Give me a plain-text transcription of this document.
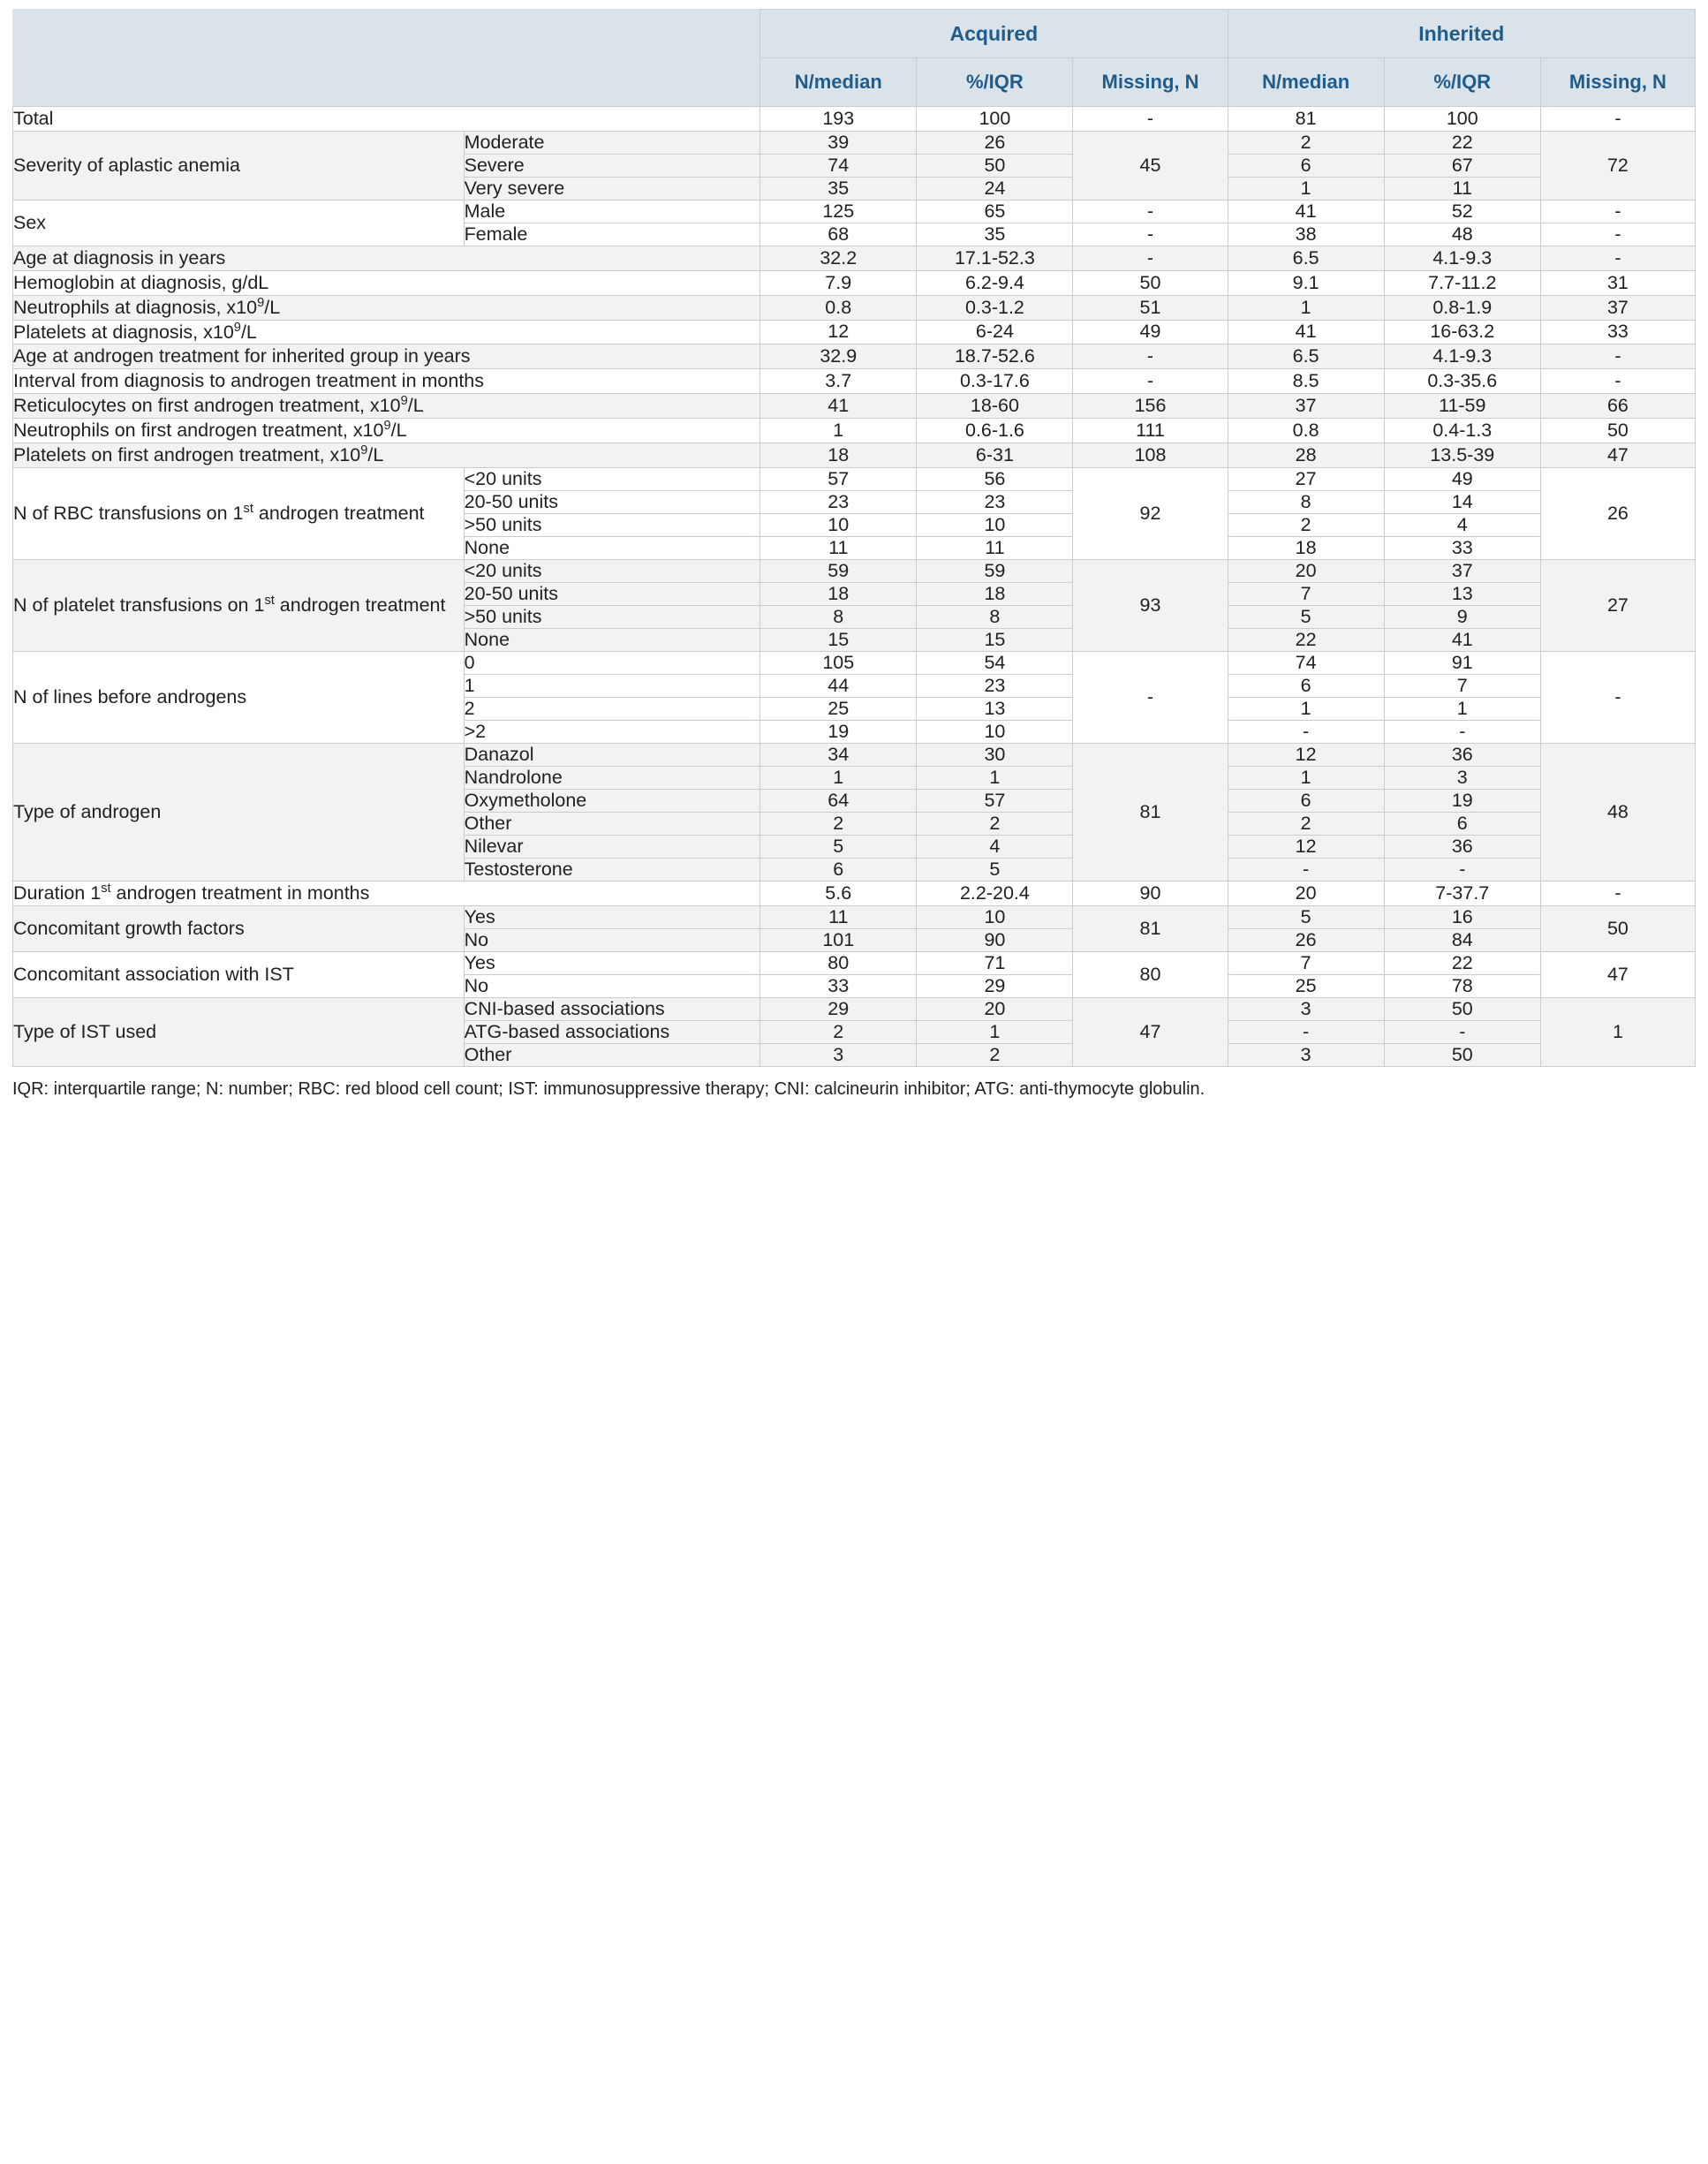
		Acquired			Inherited		
		N/median	%/IQR	Missing, N	N/median	%/IQR	Missing, N
Total		193	100	-	81	100	-
Severity of aplastic anemia	Moderate	39	26	45	2	22	72
	Severe	74	50		6	67	
	Very severe	35	24		1	11	
Sex	Male	125	65	-	41	52	-
	Female	68	35	-	38	48	-
Age at diagnosis in years		32.2	17.1-52.3	-	6.5	4.1-9.3	-
Hemoglobin at diagnosis, g/dL		7.9	6.2-9.4	50	9.1	7.7-11.2	31
Neutrophils at diagnosis, $x10^9/L$		0.8	0.3-1.2	51	1	0.8-1.9	37
Platelets at diagnosis, $x10^9/L$		12	6-24	49	41	16-63.2	33
Age at androgen treatment for inherited group in years		32.9	18.7-52.6	-	6.5	4.1-9.3	-
Interval from diagnosis to androgen treatment in months		3.7	0.3-17.6	-	8.5	0.3-35.6	-
Reticulocytes on first androgen treatment, $x10^9/L$		41	18-60	156	37	11-59	66
Neutrophils on first androgen treatment, $x10^9/L$		1	0.6-1.6	111	0.8	0.4-1.3	50
Platelets on first androgen treatment, $x10^9/L$		18	6-31	108	28	13.5-39	47
N of RBC transfusions on 1st androgen treatment	<20 units	57	56	92	27	49	26
	20-50 units	23	23		8	14	
	>50 units	10	10		2	4	
	None	11	11		18	33	
N of platelet transfusions on 1st androgen treatment	<20 units	59	59	93	20	37	27
	20-50 units	18	18		7	13	
	>50 units	8	8		5	9	
	None	15	15		22	41	
N of lines before androgens	0	105	54	-	74	91	-
	1	44	23		6	7	
	2	25	13		1	1	
	>2	19	10		-	-	
Type of androgen	Danazol	34	30	81	12	36	48
	Nandrolone	1	1		1	3	
	Oxymetholone	64	57		6	19	
	Other	2	2		2	6	
	Nilevar	5	4		12	36	
	Testosterone	6	5		-	-	
Duration 1st androgen treatment in months		5.6	2.2-20.4	90	20	7-37.7	-
Concomitant growth factors	Yes	11	10	81	5	16	50
	No	101	90		26	84	
Concomitant association with IST	Yes	80	71	80	7	22	47
	No	33	29		25	78	
Type of IST used	CNI-based associations	29	20	47	3	50	1
	ATG-based associations	2	1		-	-	
	Other	3	2		3	50	
IQR: interquartile range; N: number; RBC: red blood cell count; IST: immunosuppressive therapy; CNI: calcineurin inhibitor; ATG: anti-thymocyte globulin.
